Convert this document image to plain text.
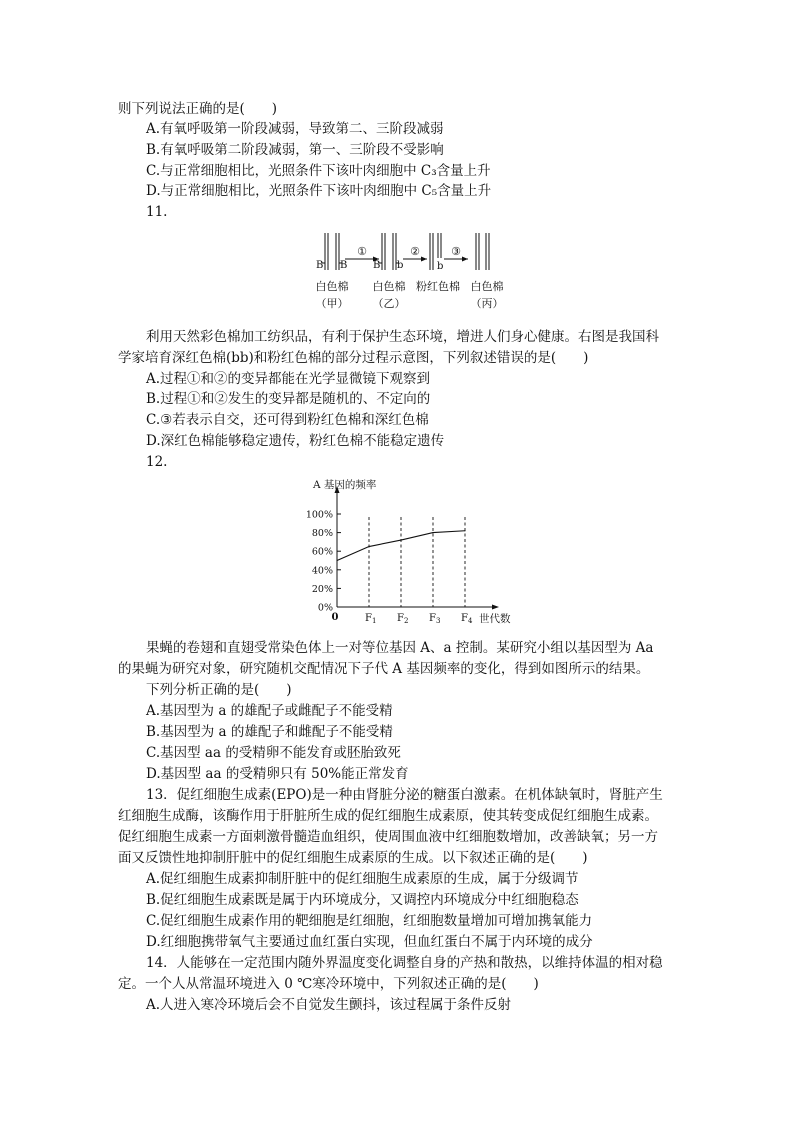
则下列说法正确的是(　　)
A.有氧呼吸第一阶段减弱，导致第二、三阶段减弱
B.有氧呼吸第二阶段减弱，第一、三阶段不受影响
C.与正常细胞相比，光照条件下该叶肉细胞中 C₃含量上升
D.与正常细胞相比，光照条件下该叶肉细胞中 C₅含量上升
11.
B B	B b	b
①	②	③
白色棉 白色棉 粉红色棉 白色棉
（甲） （乙）	（丙）
利用天然彩色棉加工纺织品，有利于保护生态环境，增进人们身心健康。右图是我国科
学家培育深红色棉(bb)和粉红色棉的部分过程示意图，下列叙述错误的是(　　)
A.过程①和②的变异都能在光学显微镜下观察到
B.过程①和②发生的变异都是随机的、不定向的
C.③若表示自交，还可得到粉红色棉和深红色棉
D.深红色棉能够稳定遗传，粉红色棉不能稳定遗传
12.
A 基因的频率
0%
20%
40%
60%
80%
100%
0	$F_1$ $F_2$ $F_3$ $F_4$ 世代数
果蝇的卷翅和直翅受常染色体上一对等位基因 A、a 控制。某研究小组以基因型为 Aa
的果蝇为研究对象，研究随机交配情况下子代 A 基因频率的变化，得到如图所示的结果。
下列分析正确的是(　　)
A.基因型为 a 的雄配子或雌配子不能受精
B.基因型为 a 的雄配子和雌配子不能受精
C.基因型 aa 的受精卵不能发育或胚胎致死
D.基因型 aa 的受精卵只有 50%能正常发育
13．促红细胞生成素(EPO)是一种由肾脏分泌的糖蛋白激素。在机体缺氧时，肾脏产生
红细胞生成酶，该酶作用于肝脏所生成的促红细胞生成素原，使其转变成促红细胞生成素。
促红细胞生成素一方面刺激骨髓造血组织，使周围血液中红细胞数增加，改善缺氧；另一方
面又反馈性地抑制肝脏中的促红细胞生成素原的生成。以下叙述正确的是(　　)
A.促红细胞生成素抑制肝脏中的促红细胞生成素原的生成，属于分级调节
B.促红细胞生成素既是属于内环境成分，又调控内环境成分中红细胞稳态
C.促红细胞生成素作用的靶细胞是红细胞，红细胞数量增加可增加携氧能力
D.红细胞携带氧气主要通过血红蛋白实现，但血红蛋白不属于内环境的成分
14．人能够在一定范围内随外界温度变化调整自身的产热和散热，以维持体温的相对稳
定。一个人从常温环境进入 0 ℃寒冷环境中，下列叙述正确的是(　　)
A.人进入寒冷环境后会不自觉发生颤抖，该过程属于条件反射
